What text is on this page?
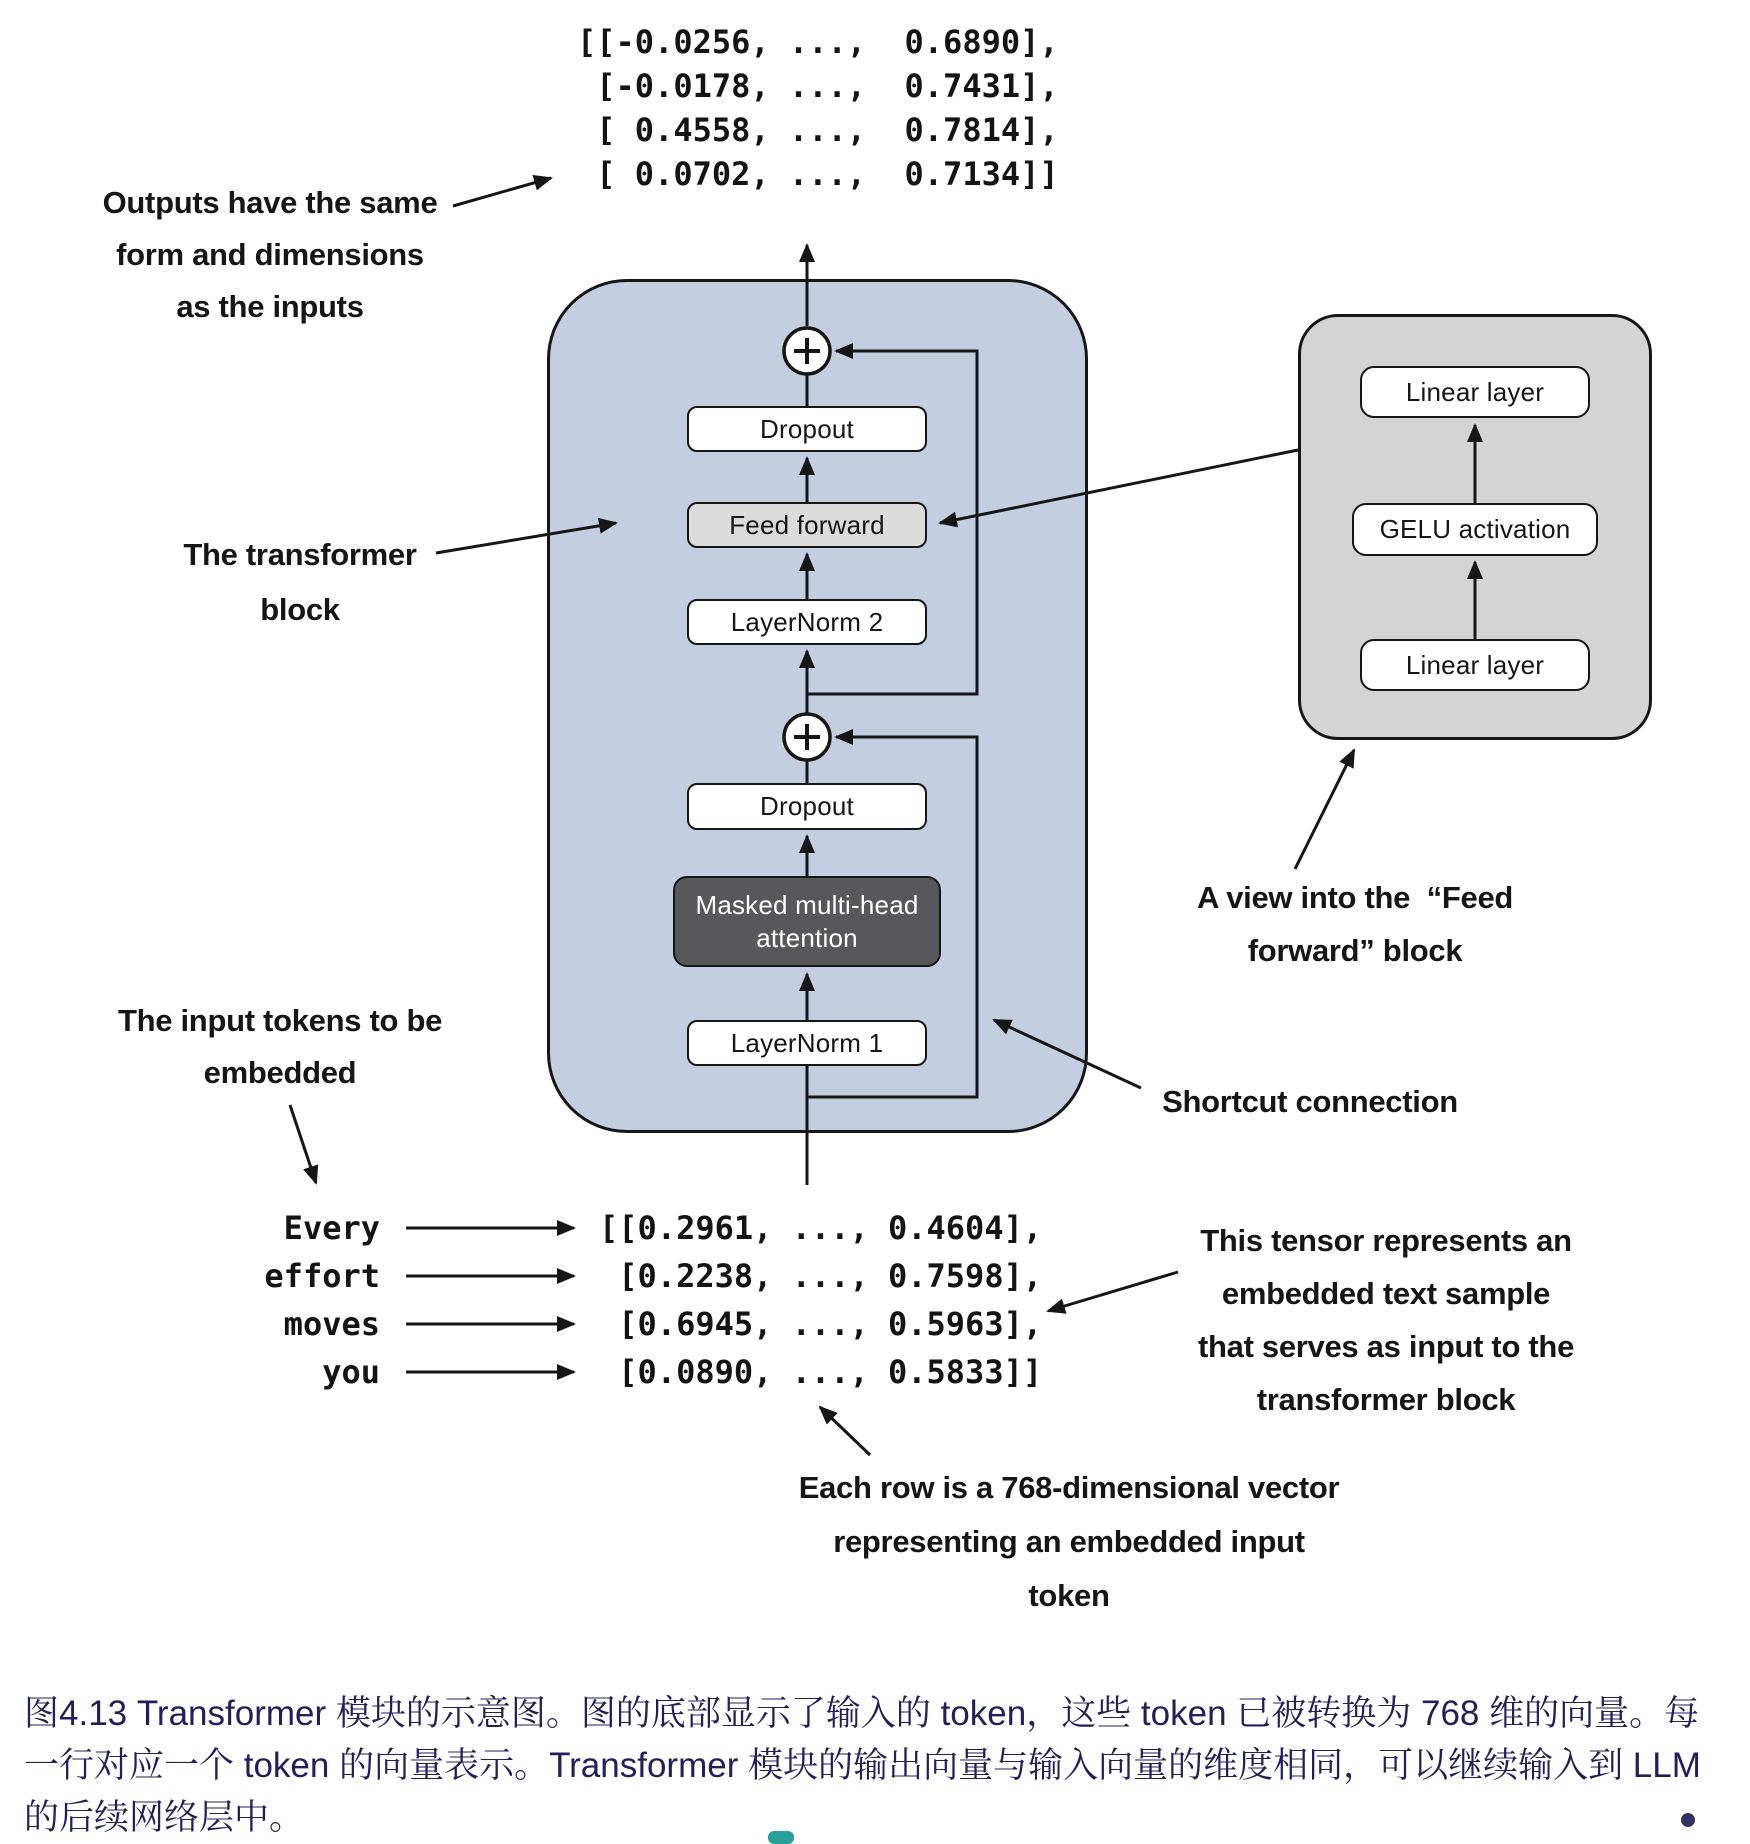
LayerNorm 1
Masked multi-head
attention
Dropout
LayerNorm 2
Feed forward
Dropout
Linear layer
GELU activation
Linear layer
[[-0.0256, ...,  0.6890],
[-0.0178, ...,  0.7431],
[ 0.4558, ...,  0.7814],
[ 0.0702, ...,  0.7134]]
Every
effort
moves
you
[[0.2961, ..., 0.4604],
[0.2238, ..., 0.7598],
[0.6945, ..., 0.5963],
[0.0890, ..., 0.5833]]
Outputs have the same
form and dimensions
as the inputs
The transformer
block
The input tokens to be
embedded
A view into the  “Feed
forward” block
Shortcut connection
This tensor represents an
embedded text sample
that serves as input to the
transformer block
Each row is a 768-dimensional vector
representing an embedded input
token
图4.13 Transformer 模块的示意图。图的底部显示了输入的 token，这些 token 已被转换为 768 维的向量。每
一行对应一个 token 的向量表示。Transformer 模块的输出向量与输入向量的维度相同，可以继续输入到 LLM
的后续网络层中。
